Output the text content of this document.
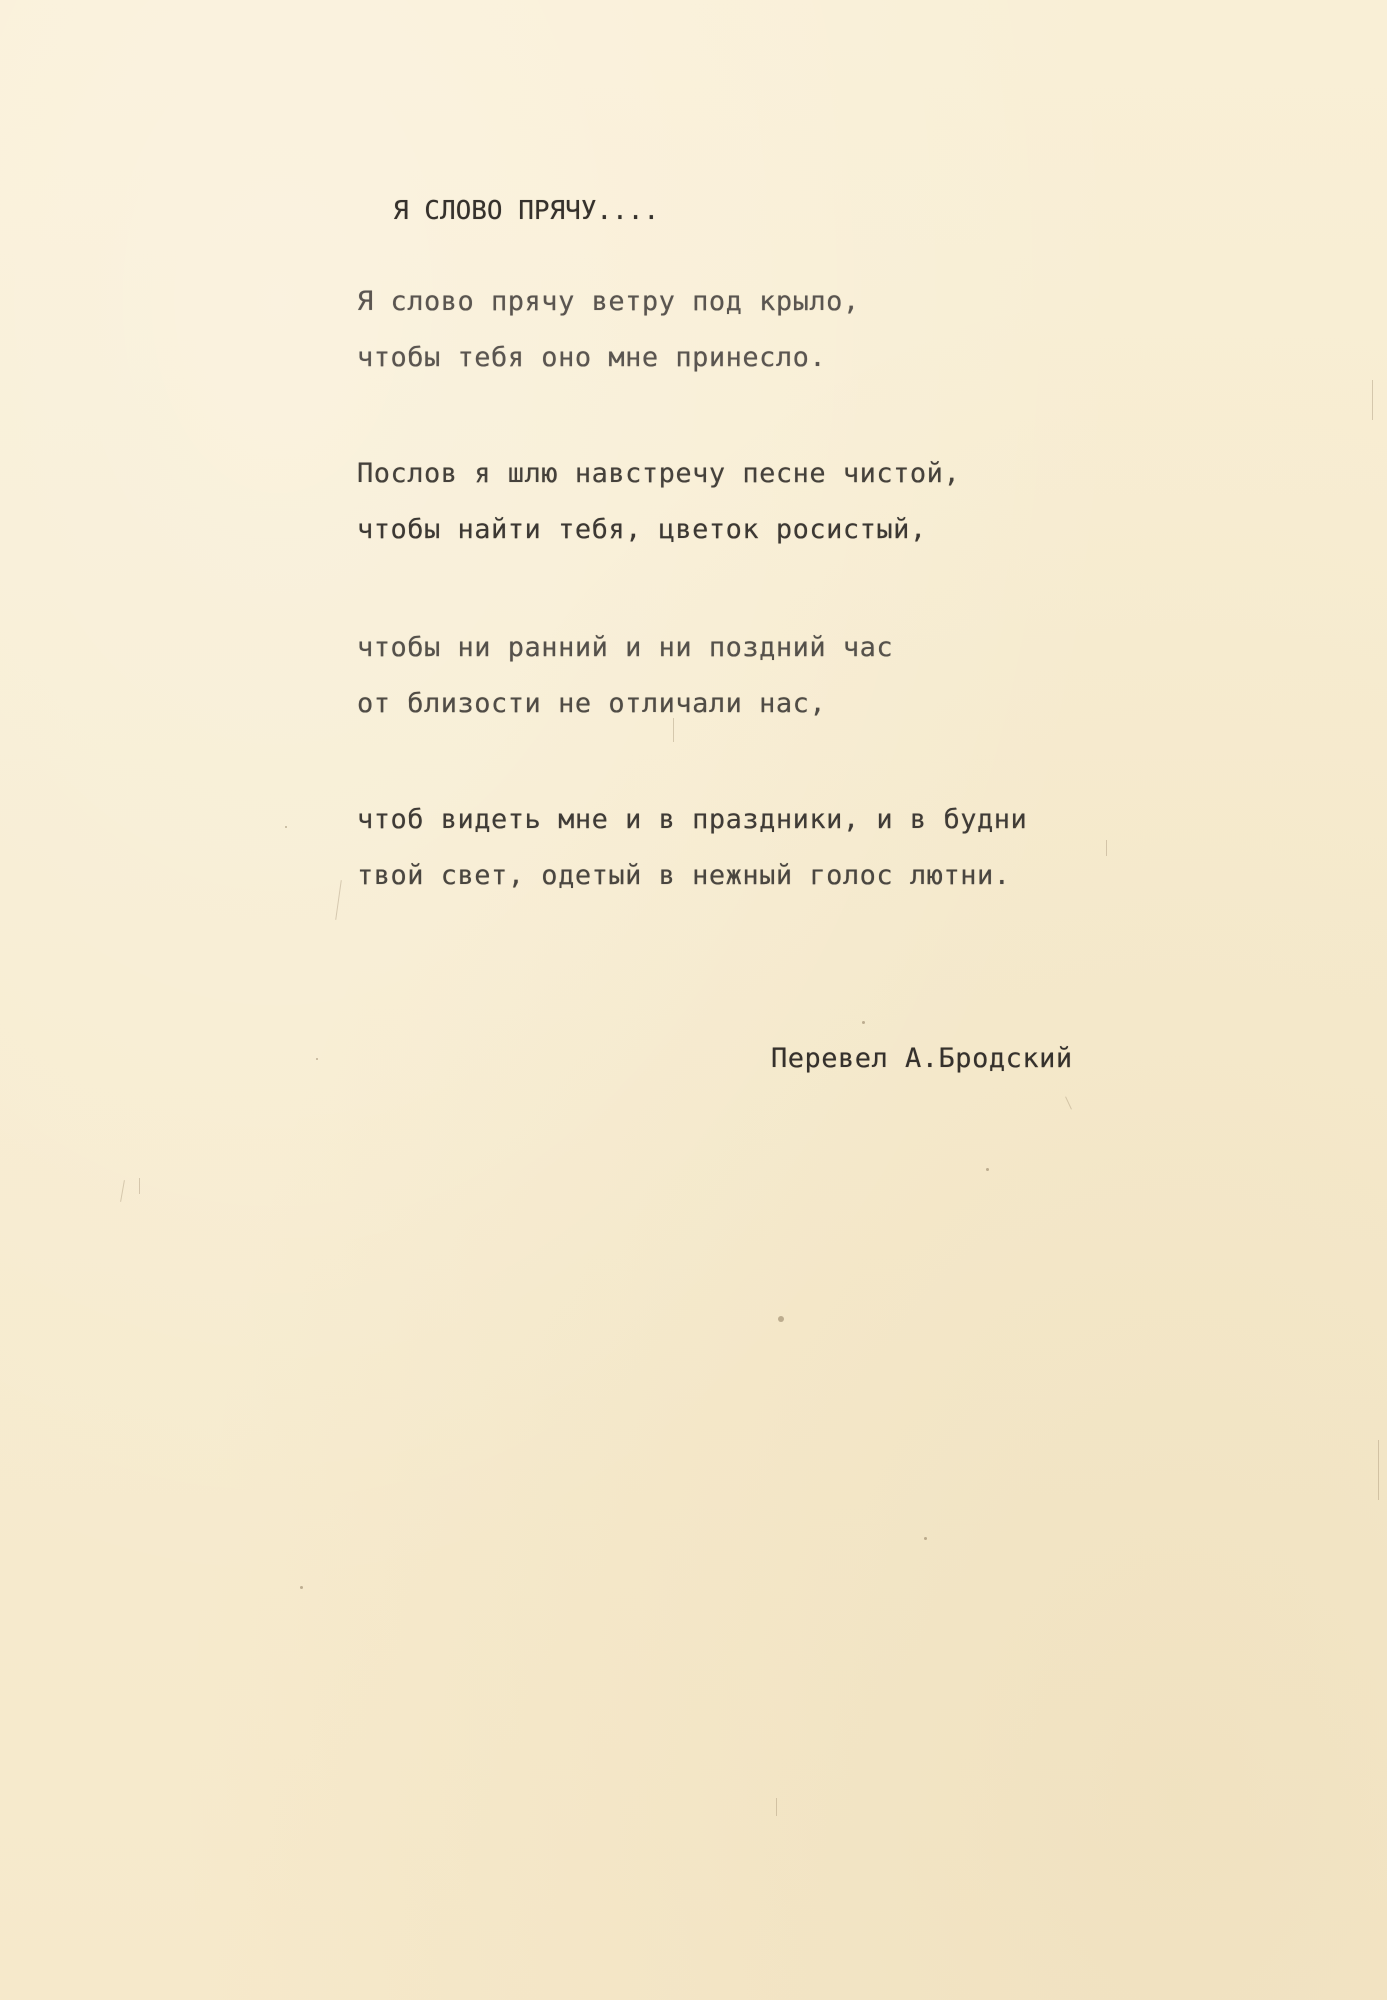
Я СЛОВО ПРЯЧУ....
Я слово прячу ветру под крыло,
чтобы тебя оно мне принесло.
Послов я шлю навстречу песне чистой,
чтобы найти тебя, цветок росистый,
чтобы ни ранний и ни поздний час
от близости не отличали нас,
чтоб видеть мне и в праздники, и в будни
твой свет, одетый в нежный голос лютни.
Перевел А.Бродский
